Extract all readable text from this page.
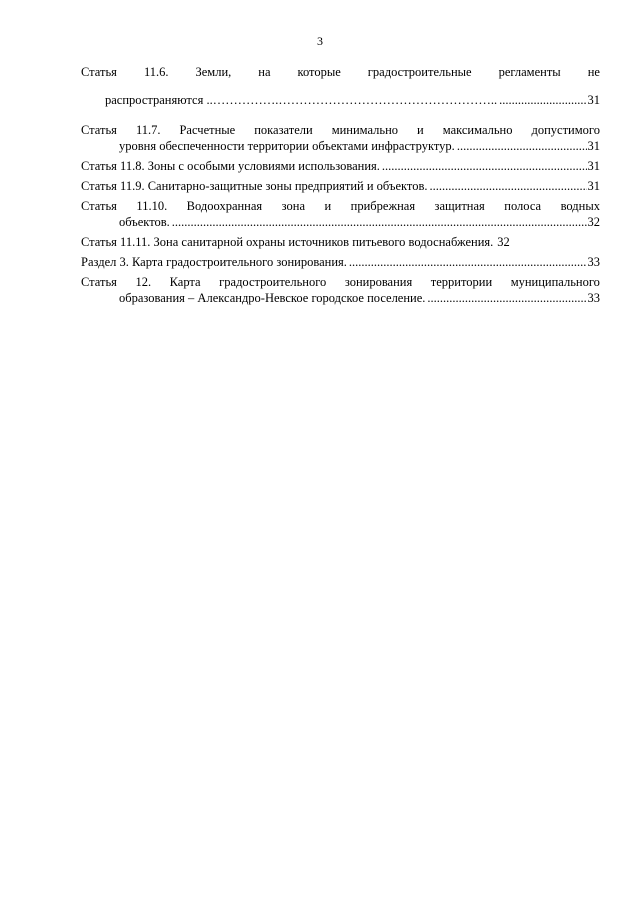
3
Статья 11.6. Земли, на которые градостроительные регламенты не
распространяются ..…………….…………………………………………….. .....	31
Статья 11.7. Расчетные показатели минимально и максимально допустимого
уровня обеспеченности территории объектами инфраструктур. .....	31
Статья 11.8. Зоны с особыми условиями использования. .....	31
Статья 11.9. Санитарно-защитные зоны предприятий и объектов. .....	31
Статья 11.10. Водоохранная зона и прибрежная защитная полоса водных
объектов. .....	32
Статья 11.11. Зона санитарной охраны источников питьевого водоснабжения. 32
Раздел 3. Карта градостроительного зонирования. .....	33
Статья 12. Карта градостроительного зонирования территории муниципального
образования – Александро-Невское городское поселение. .....	33
